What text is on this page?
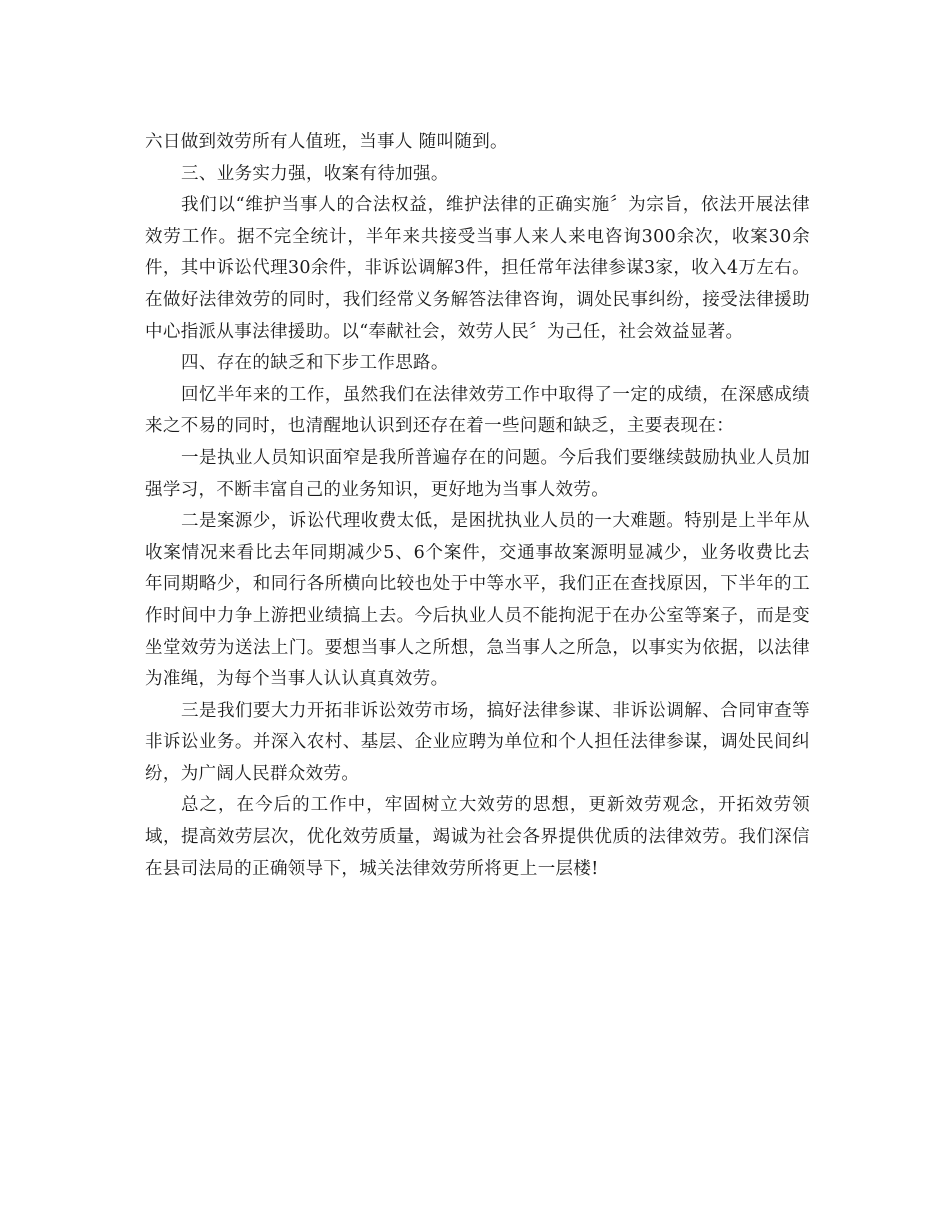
六日做到效劳所有人值班，当事人 随叫随到。

三、业务实力强，收案有待加强。

我们以“维护当事人的合法权益，维护法律的正确实施〞为宗旨，依法开展法律效劳工作。据不完全统计，半年来共接受当事人来人来电咨询300余次，收案30余件，其中诉讼代理30余件，非诉讼调解3件，担任常年法律参谋3家，收入4万左右。在做好法律效劳的同时，我们经常义务解答法律咨询，调处民事纠纷，接受法律援助中心指派从事法律援助。以“奉献社会，效劳人民〞为己任，社会效益显著。

四、存在的缺乏和下步工作思路。

回忆半年来的工作，虽然我们在法律效劳工作中取得了一定的成绩，在深感成绩来之不易的同时，也清醒地认识到还存在着一些问题和缺乏，主要表现在：

一是执业人员知识面窄是我所普遍存在的问题。今后我们要继续鼓励执业人员加强学习，不断丰富自己的业务知识，更好地为当事人效劳。

二是案源少，诉讼代理收费太低，是困扰执业人员的一大难题。特别是上半年从收案情况来看比去年同期减少5、6个案件，交通事故案源明显减少，业务收费比去年同期略少，和同行各所横向比较也处于中等水平，我们正在查找原因，下半年的工作时间中力争上游把业绩搞上去。今后执业人员不能拘泥于在办公室等案子，而是变坐堂效劳为送法上门。要想当事人之所想，急当事人之所急，以事实为依据，以法律为准绳，为每个当事人认认真真效劳。

三是我们要大力开拓非诉讼效劳市场，搞好法律参谋、非诉讼调解、合同审查等非诉讼业务。并深入农村、基层、企业应聘为单位和个人担任法律参谋，调处民间纠纷，为广阔人民群众效劳。

总之，在今后的工作中，牢固树立大效劳的思想，更新效劳观念，开拓效劳领域，提高效劳层次，优化效劳质量，竭诚为社会各界提供优质的法律效劳。我们深信在县司法局的正确领导下，城关法律效劳所将更上一层楼!
